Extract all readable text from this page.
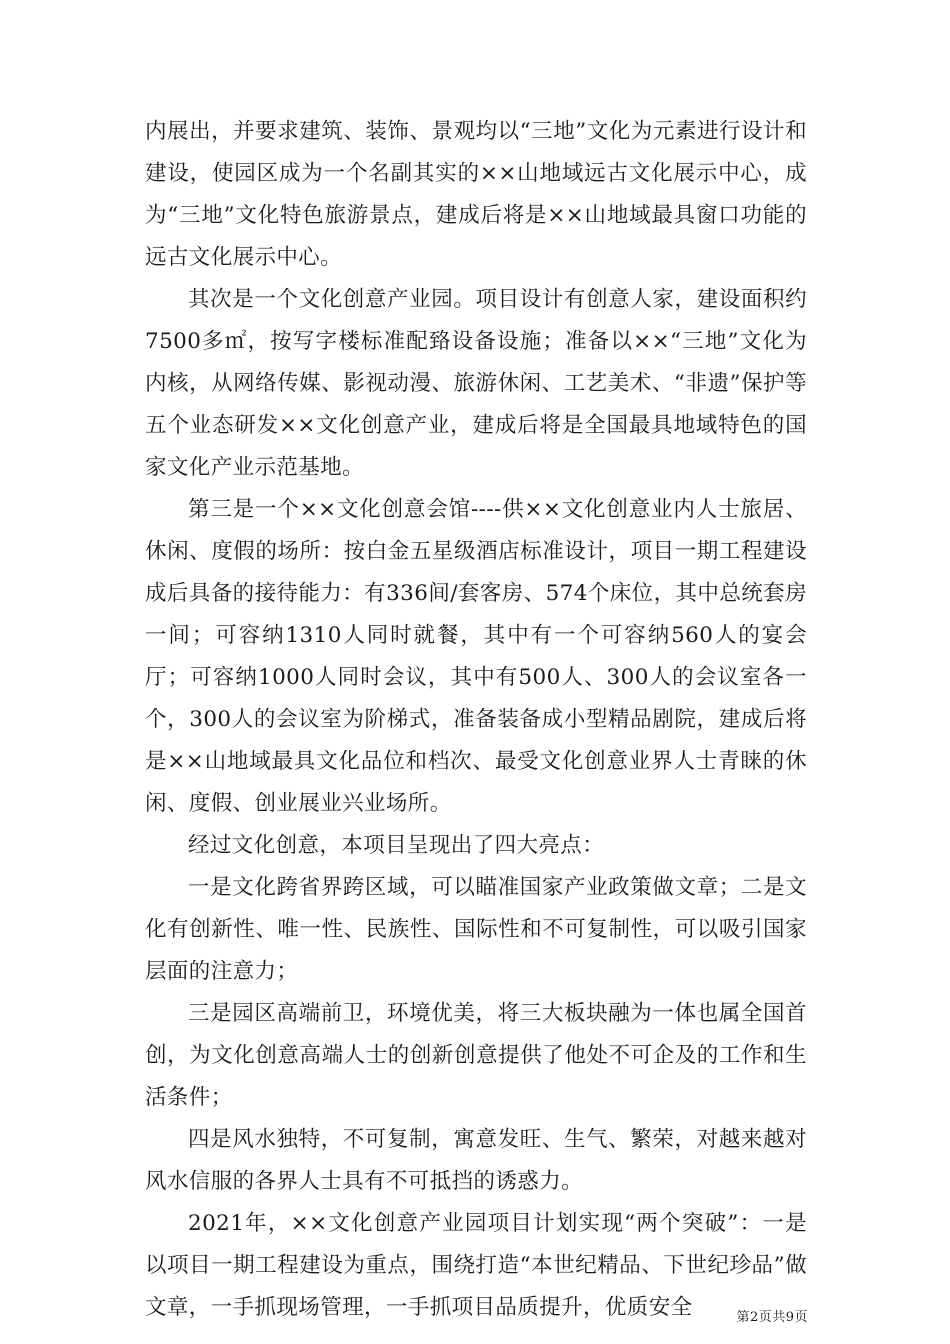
内展出，并要求建筑、装饰、景观均以“三地”文化为元素进行设计和建设，使园区成为一个名副其实的××山地域远古文化展示中心，成为“三地”文化特色旅游景点，建成后将是××山地域最具窗口功能的远古文化展示中心。

其次是一个文化创意产业园。项目设计有创意人家，建设面积约7500多㎡，按写字楼标准配臵设备设施；准备以××“三地”文化为内核，从网络传媒、影视动漫、旅游休闲、工艺美术、“非遗”保护等五个业态研发××文化创意产业，建成后将是全国最具地域特色的国家文化产业示范基地。

第三是一个××文化创意会馆----供××文化创意业内人士旅居、休闲、度假的场所：按白金五星级酒店标准设计，项目一期工程建设成后具备的接待能力：有336间/套客房、574个床位，其中总统套房一间；可容纳1310人同时就餐，其中有一个可容纳560人的宴会厅；可容纳1000人同时会议，其中有500人、300人的会议室各一个，300人的会议室为阶梯式，准备装备成小型精品剧院，建成后将是××山地域最具文化品位和档次、最受文化创意业界人士青睐的休闲、度假、创业展业兴业场所。

经过文化创意，本项目呈现出了四大亮点：

一是文化跨省界跨区域，可以瞄准国家产业政策做文章；二是文化有创新性、唯一性、民族性、国际性和不可复制性，可以吸引国家层面的注意力；

三是园区高端前卫，环境优美，将三大板块融为一体也属全国首创，为文化创意高端人士的创新创意提供了他处不可企及的工作和生活条件；

四是风水独特，不可复制，寓意发旺、生气、繁荣，对越来越对风水信服的各界人士具有不可抵挡的诱惑力。

2021年，××文化创意产业园项目计划实现“两个突破”：一是以项目一期工程建设为重点，围绕打造“本世纪精品、下世纪珍品”做文章，一手抓现场管理，一手抓项目品质提升，优质安全	第2页共9页
